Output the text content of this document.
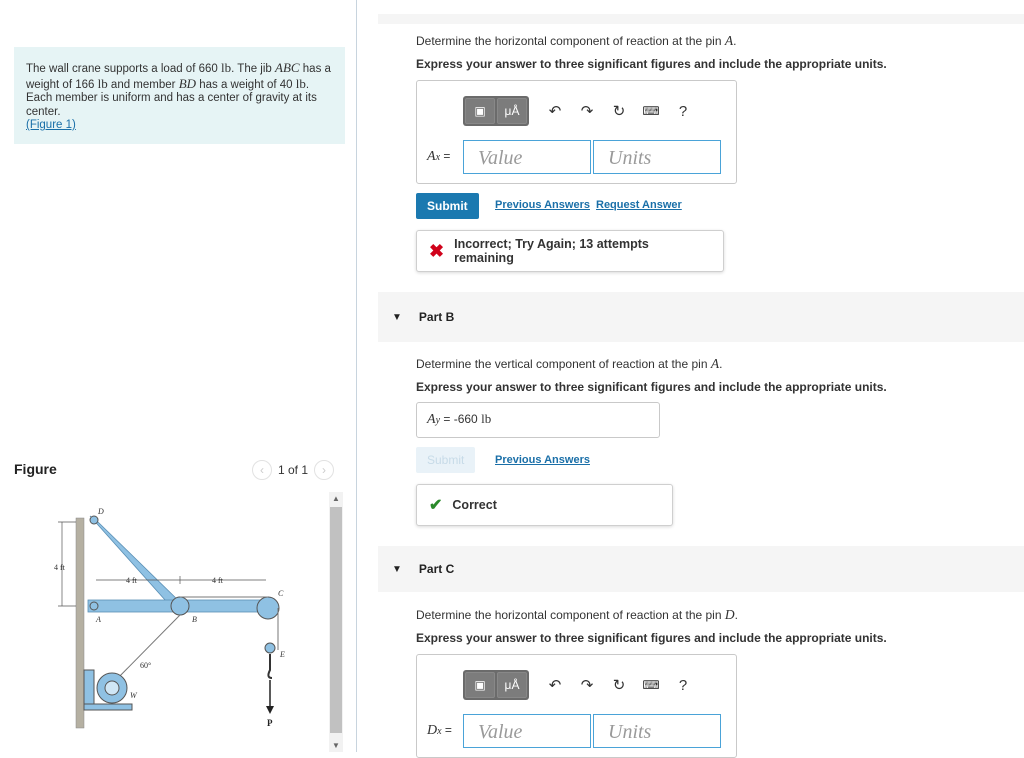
The wall crane supports a load of 660 lb. The jib ABC has a weight of 166 lb and member BD has a weight of 40 lb. Each member is uniform and has a center of gravity at its center.
(Figure 1)
Figure	‹	1 of 1	›
4 ft
4 ft	4 ft
D
A	B
C
E
W
P
60°
▲
▼
Determine the horizontal component of reaction at the pin A.
Express your answer to three significant figures and include the appropriate units.
▣	μÅ	↶	↷	↻	⌨	?
Ax =	Value	Units
Submit	Previous Answers Request Answer
✖ Incorrect; Try Again; 13 attempts remaining
▼ Part B
Determine the vertical component of reaction at the pin A.
Express your answer to three significant figures and include the appropriate units.
Ay = -660 lb
Submit	Previous Answers
✔ Correct
▼ Part C
Determine the horizontal component of reaction at the pin D.
Express your answer to three significant figures and include the appropriate units.
▣	μÅ	↶	↷	↻	⌨	?
Dx =	Value	Units
